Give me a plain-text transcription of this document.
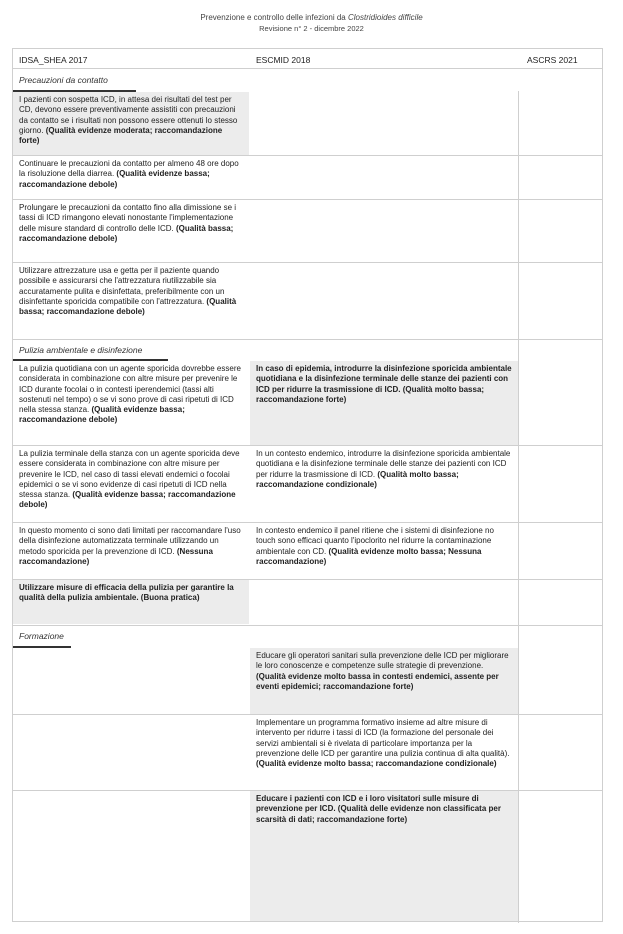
Prevenzione e controllo delle infezioni da Clostridioides difficile
Revisione n° 2 - dicembre 2022
IDSA_SHEA 2017	ESCMID 2018	ASCRS 2021
Precauzioni da contatto
I pazienti con sospetta ICD, in attesa dei risultati del test per CD, devono essere preventivamente assistiti con precauzioni da contatto se i risultati non possono essere ottenuti lo stesso giorno. (Qualità evidenze moderata; raccomandazione forte)
Continuare le precauzioni da contatto per almeno 48 ore dopo la risoluzione della diarrea. (Qualità evidenze bassa; raccomandazione debole)
Prolungare le precauzioni da contatto fino alla dimissione se i tassi di ICD rimangono elevati nonostante l'implementazione delle misure standard di controllo delle ICD. (Qualità bassa; raccomandazione debole)
Utilizzare attrezzature usa e getta per il paziente quando possibile e assicurarsi che l'attrezzatura riutilizzabile sia accuratamente pulita e disinfettata, preferibilmente con un disinfettante sporicida compatibile con l'attrezzatura. (Qualità bassa; raccomandazione debole)
Pulizia ambientale e disinfezione
La pulizia quotidiana con un agente sporicida dovrebbe essere considerata in combinazione con altre misure per prevenire le ICD durante focolai o in contesti iperendemici (tassi alti sostenuti nel tempo) o se vi sono prove di casi ripetuti di ICD nella stessa stanza. (Qualità evidenze bassa; raccomandazione debole)
In caso di epidemia, introdurre la disinfezione sporicida ambientale quotidiana e la disinfezione terminale delle stanze dei pazienti con ICD per ridurre la trasmissione di ICD. (Qualità molto bassa; raccomandazione forte)
La pulizia terminale della stanza con un agente sporicida deve essere considerata in combinazione con altre misure per prevenire le ICD, nel caso di tassi elevati endemici o focolai epidemici o se vi sono evidenze di casi ripetuti di ICD nella stessa stanza. (Qualità evidenze bassa; raccomandazione debole)
In un contesto endemico, introdurre la disinfezione sporicida ambientale quotidiana e la disinfezione terminale delle stanze dei pazienti con ICD per ridurre la trasmissione di ICD. (Qualità molto bassa; raccomandazione condizionale)
In questo momento ci sono dati limitati per raccomandare l'uso della disinfezione automatizzata terminale utilizzando un metodo sporicida per la prevenzione di ICD. (Nessuna raccomandazione)
In contesto endemico il panel ritiene che i sistemi di disinfezione no touch sono efficaci quanto l'ipoclorito nel ridurre la contaminazione ambientale con CD. (Qualità evidenze molto bassa; Nessuna raccomandazione)
Utilizzare misure di efficacia della pulizia per garantire la qualità della pulizia ambientale. (Buona pratica)
Formazione
Educare gli operatori sanitari sulla prevenzione delle ICD per migliorare le loro conoscenze e competenze sulle strategie di prevenzione. (Qualità evidenze molto bassa in contesti endemici, assente per eventi epidemici; raccomandazione forte)
Implementare un programma formativo insieme ad altre misure di intervento per ridurre i tassi di ICD (la formazione del personale dei servizi ambientali si è rivelata di particolare importanza per la prevenzione delle ICD per garantire una pulizia continua di alta qualità). (Qualità evidenze molto bassa; raccomandazione condizionale)
Educare i pazienti con ICD e i loro visitatori sulle misure di prevenzione per ICD. (Qualità delle evidenze non classificata per scarsità di dati; raccomandazione forte)
